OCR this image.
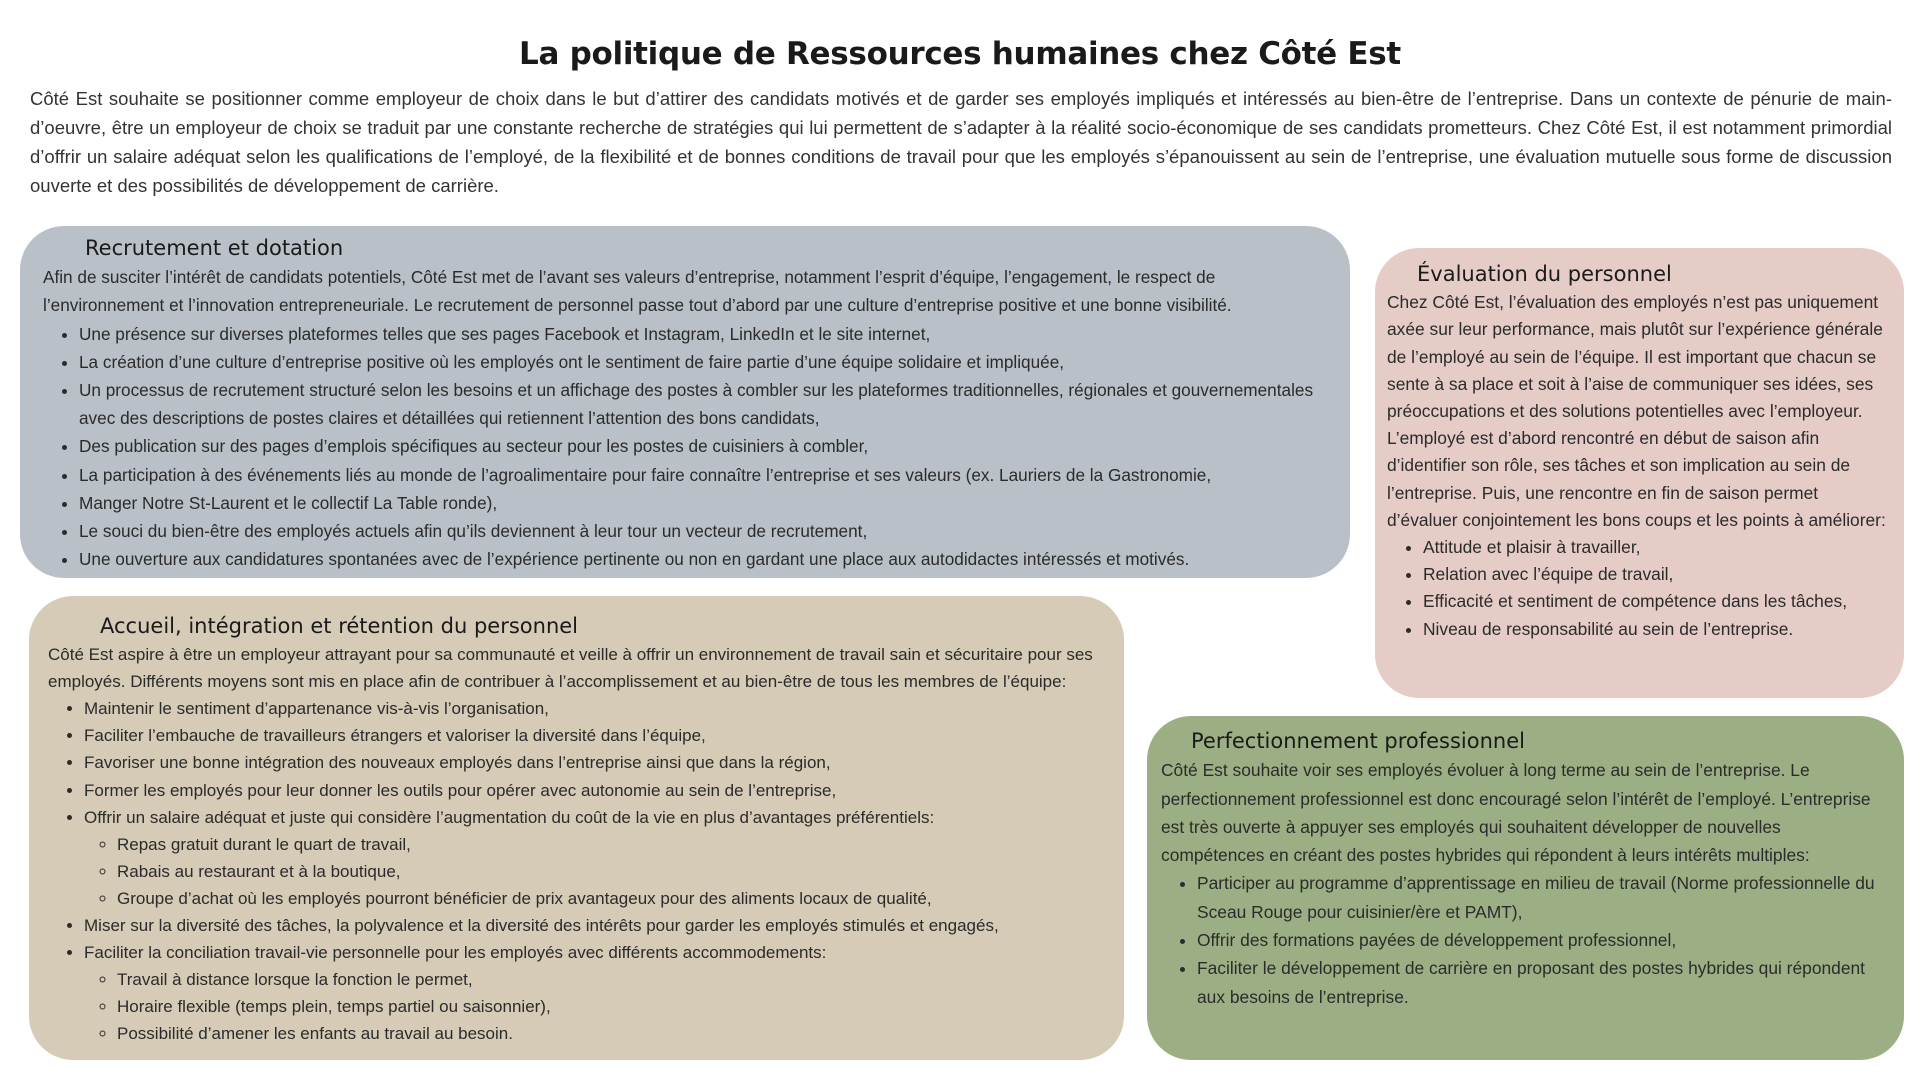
La politique de Ressources humaines chez Côté Est

Côté Est souhaite se positionner comme employeur de choix dans le but d’attirer des candidats motivés et de garder ses employés impliqués et intéressés au bien-être de l’entreprise. Dans un contexte de pénurie de main-d’oeuvre, être un employeur de choix se traduit par une constante recherche de stratégies qui lui permettent de s’adapter à la réalité socio-économique de ses candidats prometteurs. Chez Côté Est, il est notamment primordial d’offrir un salaire adéquat selon les qualifications de l’employé, de la flexibilité et de bonnes conditions de travail pour que les employés s’épanouissent au sein de l’entreprise, une évaluation mutuelle sous forme de discussion ouverte et des possibilités de développement de carrière.

Recrutement et dotation

Afin de susciter l’intérêt de candidats potentiels, Côté Est met de l’avant ses valeurs d’entreprise, notamment l’esprit d’équipe, l’engagement, le respect de l’environnement et l’innovation entrepreneuriale. Le recrutement de personnel passe tout d’abord par une culture d’entreprise positive et une bonne visibilité.

• Une présence sur diverses plateformes telles que ses pages Facebook et Instagram, LinkedIn et le site internet,
• La création d’une culture d’entreprise positive où les employés ont le sentiment de faire partie d’une équipe solidaire et impliquée,
• Un processus de recrutement structuré selon les besoins et un affichage des postes à combler sur les plateformes traditionnelles, régionales et gouvernementales avec des descriptions de postes claires et détaillées qui retiennent l’attention des bons candidats,
• Des publication sur des pages d’emplois spécifiques au secteur pour les postes de cuisiniers à combler,
• La participation à des événements liés au monde de l’agroalimentaire pour faire connaître l’entreprise et ses valeurs (ex. Lauriers de la Gastronomie,
• Manger Notre St-Laurent et le collectif La Table ronde),
• Le souci du bien-être des employés actuels afin qu’ils deviennent à leur tour un vecteur de recrutement,
• Une ouverture aux candidatures spontanées avec de l’expérience pertinente ou non en gardant une place aux autodidactes intéressés et motivés.
Accueil, intégration et rétention du personnel

Côté Est aspire à être un employeur attrayant pour sa communauté et veille à offrir un environnement de travail sain et sécuritaire pour ses employés. Différents moyens sont mis en place afin de contribuer à l’accomplissement et au bien-être de tous les membres de l’équipe:

• Maintenir le sentiment d’appartenance vis-à-vis l’organisation,
• Faciliter l’embauche de travailleurs étrangers et valoriser la diversité dans l’équipe,
• Favoriser une bonne intégration des nouveaux employés dans l’entreprise ainsi que dans la région,
• Former les employés pour leur donner les outils pour opérer avec autonomie au sein de l’entreprise,
• Offrir un salaire adéquat et juste qui considère l’augmentation du coût de la vie en plus d’avantages préférentiels:
◦ Repas gratuit durant le quart de travail,
◦ Rabais au restaurant et à la boutique,
◦ Groupe d’achat où les employés pourront bénéficier de prix avantageux pour des aliments locaux de qualité,
• Miser sur la diversité des tâches, la polyvalence et la diversité des intérêts pour garder les employés stimulés et engagés,
• Faciliter la conciliation travail-vie personnelle pour les employés avec différents accommodements:
◦ Travail à distance lorsque la fonction le permet,
◦ Horaire flexible (temps plein, temps partiel ou saisonnier),
◦ Possibilité d’amener les enfants au travail au besoin.
Évaluation du personnel

Chez Côté Est, l’évaluation des employés n’est pas uniquement axée sur leur performance, mais plutôt sur l’expérience générale de l’employé au sein de l’équipe. Il est important que chacun se sente à sa place et soit à l’aise de communiquer ses idées, ses préoccupations et des solutions potentielles avec l’employeur. L’employé est d’abord rencontré en début de saison afin d’identifier son rôle, ses tâches et son implication au sein de l’entreprise. Puis, une rencontre en fin de saison permet d’évaluer conjointement les bons coups et les points à améliorer:

• Attitude et plaisir à travailler,
• Relation avec l’équipe de travail,
• Efficacité et sentiment de compétence dans les tâches,
• Niveau de responsabilité au sein de l’entreprise.
Perfectionnement professionnel

Côté Est souhaite voir ses employés évoluer à long terme au sein de l’entreprise. Le perfectionnement professionnel est donc encouragé selon l’intérêt de l’employé. L’entreprise est très ouverte à appuyer ses employés qui souhaitent développer de nouvelles compétences en créant des postes hybrides qui répondent à leurs intérêts multiples:

• Participer au programme d’apprentissage en milieu de travail (Norme professionnelle du Sceau Rouge pour cuisinier/ère et PAMT),
• Offrir des formations payées de développement professionnel,
• Faciliter le développement de carrière en proposant des postes hybrides qui répondent aux besoins de l’entreprise.
